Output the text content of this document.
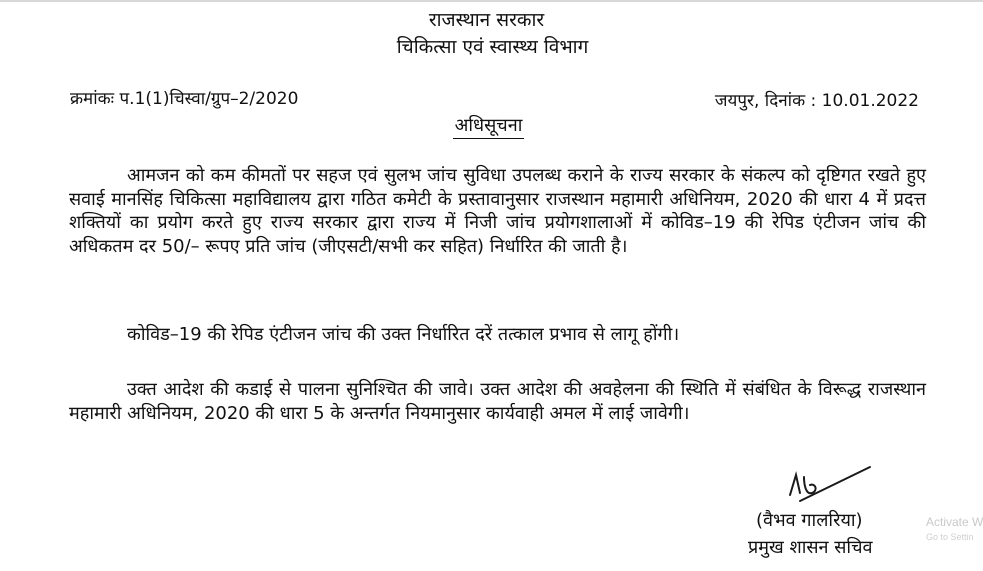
राजस्थान सरकार
चिकित्सा एवं स्वास्थ्य विभाग
क्रमांकः प.1(1)चिस्वा/ग्रुप–2/2020	जयपुर, दिनांक : 10.01.2022
अधिसूचना

आमजन को कम कीमतों पर सहज एवं सुलभ जांच सुविधा उपलब्ध कराने के राज्य सरकार के संकल्प को दृष्टिगत रखते हुए सवाई मानसिंह चिकित्सा महाविद्यालय द्वारा गठित कमेटी के प्रस्तावानुसार राजस्थान महामारी अधिनियम, 2020 की धारा 4 में प्रदत्त शक्तियों का प्रयोग करते हुए राज्य सरकार द्वारा राज्य में निजी जांच प्रयोगशालाओं में कोविड–19 की रेपिड एंटीजन जांच की अधिकतम दर 50/– रूपए प्रति जांच (जीएसटी/सभी कर सहित) निर्धारित की जाती है।

कोविड–19 की रेपिड एंटीजन जांच की उक्त निर्धारित दरें तत्काल प्रभाव से लागू होंगी।

उक्त आदेश की कडाई से पालना सुनिश्चित की जावे। उक्त आदेश की अवहेलना की स्थिति में संबंधित के विरूद्ध राजस्थान महामारी अधिनियम, 2020 की धारा 5 के अन्तर्गत नियमानुसार कार्यवाही अमल में लाई जावेगी।

(वैभव गालरिया)
प्रमुख शासन सचिव
Activate W
Go to Settin
